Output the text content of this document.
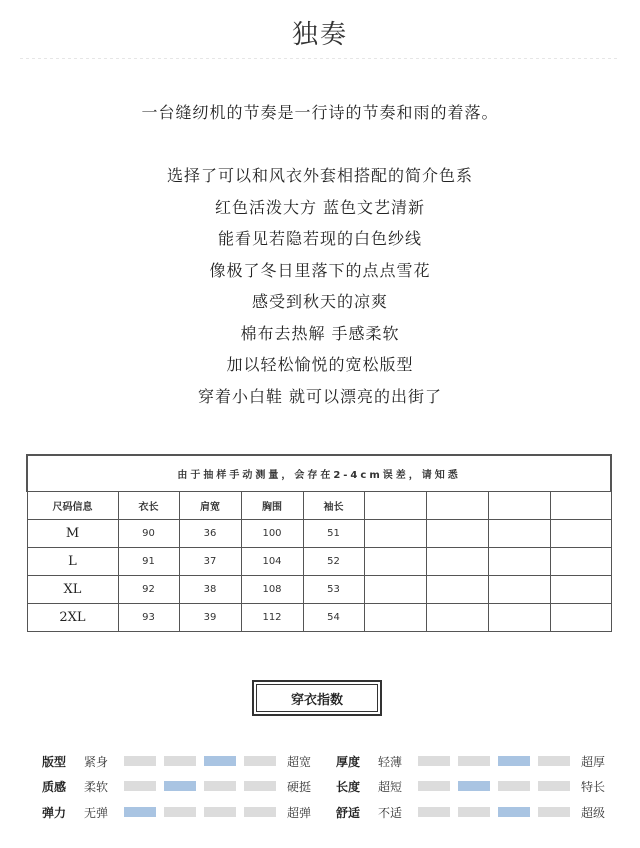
独奏
一台缝纫机的节奏是一行诗的节奏和雨的着落。
选择了可以和风衣外套相搭配的简介色系
红色活泼大方 蓝色文艺清新
能看见若隐若现的白色纱线
像极了冬日里落下的点点雪花
感受到秋天的凉爽
棉布去热解 手感柔软
加以轻松愉悦的宽松版型
穿着小白鞋 就可以漂亮的出街了
由于抽样手动测量，会存在2-4cm误差，请知悉								
尺码信息	衣长	肩宽	胸围	袖长				
M	90	36	100	51				
L	91	37	104	52				
XL	92	38	108	53				
2XL	93	39	112	54				
穿衣指数
版型	紧身	超宽
质感	柔软	硬挺
弹力	无弹	超弹
厚度	轻薄	超厚
长度	超短	特长
舒适	不适	超级
